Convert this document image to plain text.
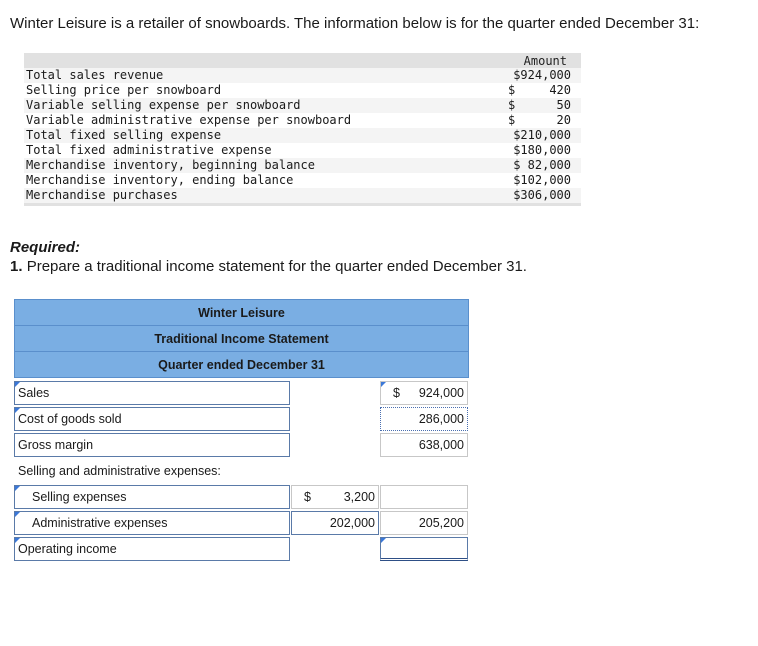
Winter Leisure is a retailer of snowboards. The information below is for the quarter ended December 31:
Amount
Total sales revenue	$924,000
Selling price per snowboard	$	420
Variable selling expense per snowboard	$	50
Variable administrative expense per snowboard	$	20
Total fixed selling expense	$210,000
Total fixed administrative expense	$180,000
Merchandise inventory, beginning balance	$ 82,000
Merchandise inventory, ending balance	$102,000
Merchandise purchases	$306,000
Required:
1. Prepare a traditional income statement for the quarter ended December 31.
Winter Leisure
Traditional Income Statement
Quarter ended December 31
Sales	$ 924,000
Cost of goods sold	286,000
Gross margin	638,000
Selling and administrative expenses:
Selling expenses	$	3,200
Administrative expenses	202,000	205,200
Operating income
